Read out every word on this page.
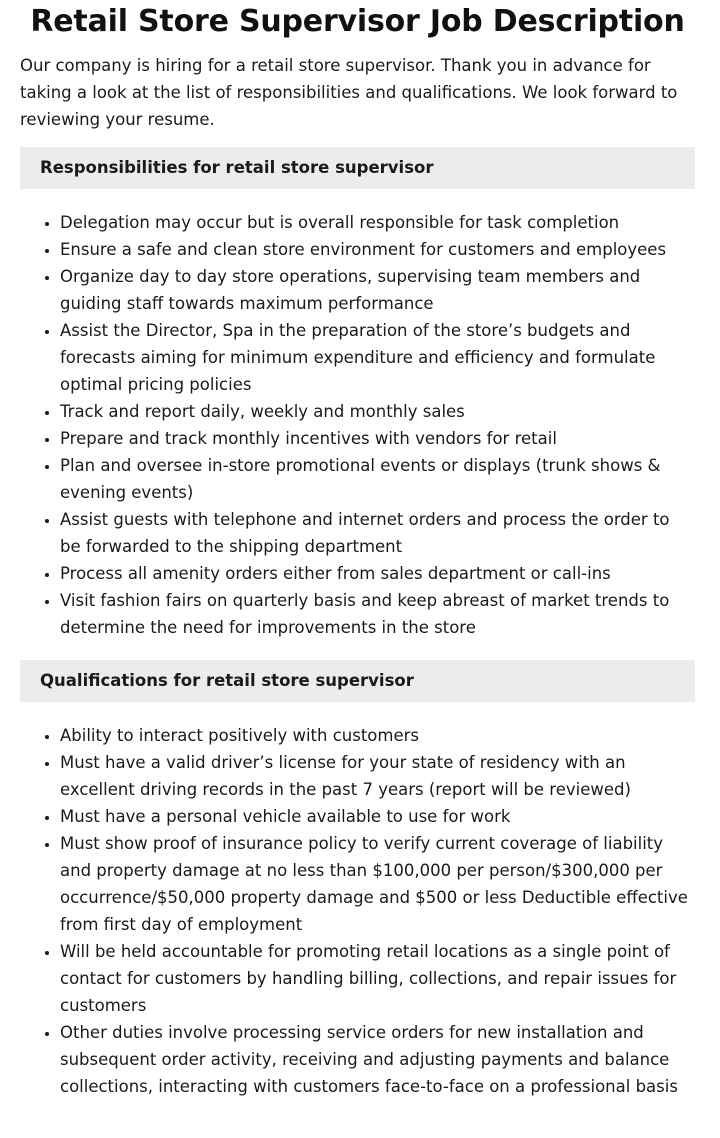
Retail Store Supervisor Job Description

Our company is hiring for a retail store supervisor. Thank you in advance for taking a look at the list of responsibilities and qualifications. We look forward to reviewing your resume.

Responsibilities for retail store supervisor
• Delegation may occur but is overall responsible for task completion
• Ensure a safe and clean store environment for customers and employees
• Organize day to day store operations, supervising team members and guiding staff towards maximum performance
• Assist the Director, Spa in the preparation of the store’s budgets and forecasts aiming for minimum expenditure and efficiency and formulate optimal pricing policies
• Track and report daily, weekly and monthly sales
• Prepare and track monthly incentives with vendors for retail
• Plan and oversee in-store promotional events or displays (trunk shows & evening events)
• Assist guests with telephone and internet orders and process the order to be forwarded to the shipping department
• Process all amenity orders either from sales department or call-ins
• Visit fashion fairs on quarterly basis and keep abreast of market trends to determine the need for improvements in the store
Qualifications for retail store supervisor
• Ability to interact positively with customers
• Must have a valid driver’s license for your state of residency with an excellent driving records in the past 7 years (report will be reviewed)
• Must have a personal vehicle available to use for work
• Must show proof of insurance policy to verify current coverage of liability and property damage at no less than $100,000 per person/$300,000 per occurrence/$50,000 property damage and $500 or less Deductible effective from first day of employment
• Will be held accountable for promoting retail locations as a single point of contact for customers by handling billing, collections, and repair issues for customers
• Other duties involve processing service orders for new installation and subsequent order activity, receiving and adjusting payments and balance collections, interacting with customers face-to-face on a professional basis
